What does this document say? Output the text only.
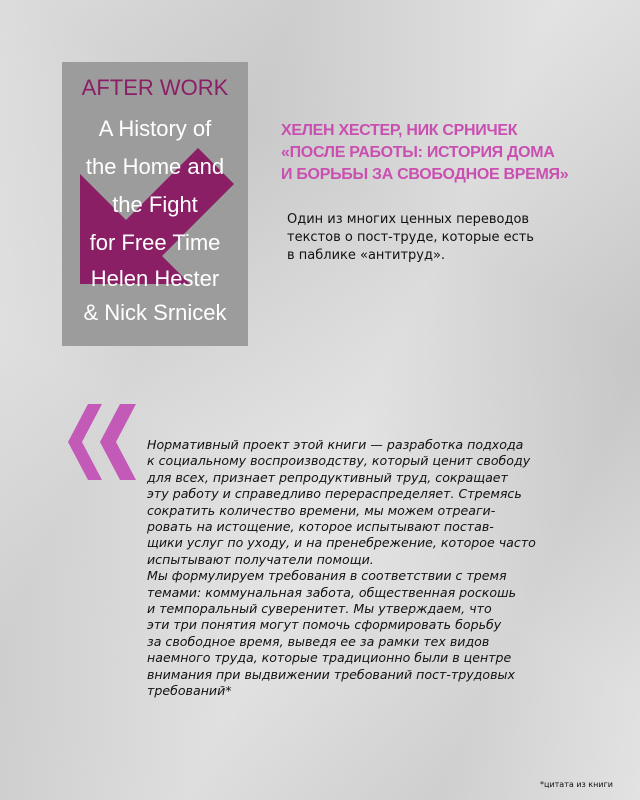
AFTER WORK
A History of
the Home and
the Fight
for Free Time
Helen Hester
& Nick Srnicek
ХЕЛЕН ХЕСТЕР, НИК СРНИЧЕК
«ПОСЛЕ РАБОТЫ: ИСТОРИЯ ДОМА
И БОРЬБЫ ЗА СВОБОДНОЕ ВРЕМЯ»
Один из многих ценных переводов
текстов о пост-труде, которые есть
в паблике «антитруд».

Нормативный проект этой книги — разработка подхода

к социальному воспроизводству, который ценит свободу

для всех, признает репродуктивный труд, сокращает

эту работу и справедливо перераспределяет. Стремясь

сократить количество времени, мы можем отреаги-

ровать на истощение, которое испытывают постав-

щики услуг по уходу, и на пренебрежение, которое часто

испытывают получатели помощи.

Мы формулируем требования в соответствии с тремя

темами: коммунальная забота, общественная роскошь

и темпоральный суверенитет. Мы утверждаем, что

эти три понятия могут помочь сформировать борьбу

за свободное время, выведя ее за рамки тех видов

наемного труда, которые традиционно были в центре

внимания при выдвижении требований пост-трудовых

требований*

*цитата из книги
